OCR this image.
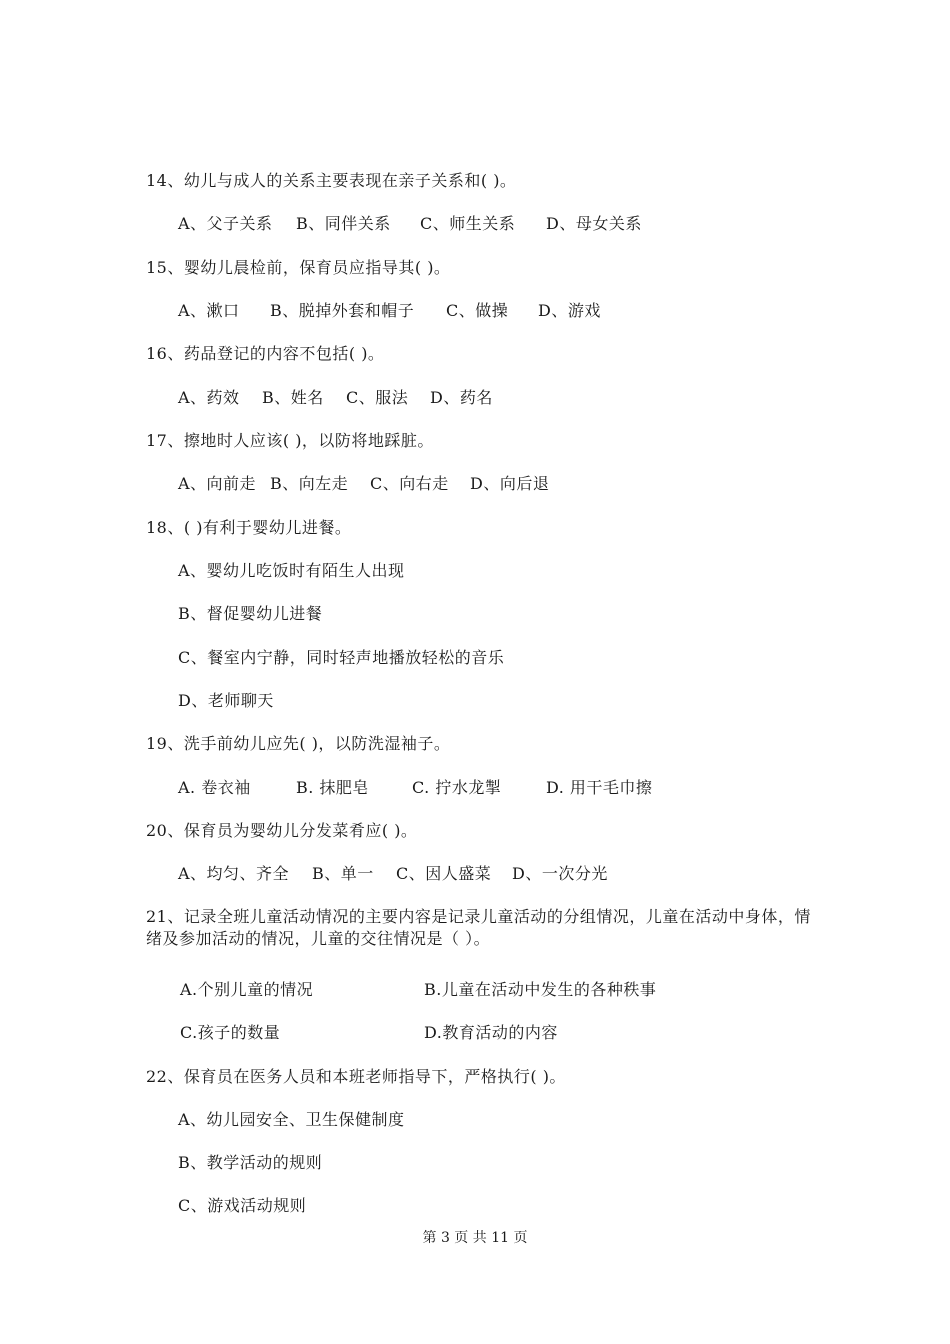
14、幼儿与成人的关系主要表现在亲子关系和( )。
A、父子关系 B、同伴关系 C、师生关系 D、母女关系
15、婴幼儿晨检前，保育员应指导其( )。
A、漱口 B、脱掉外套和帽子 C、做操 D、游戏
16、药品登记的内容不包括( )。
A、药效 B、姓名 C、服法 D、药名
17、擦地时人应该( )，以防将地踩脏。
A、向前走 B、向左走 C、向右走 D、向后退
18、( )有利于婴幼儿进餐。
A、婴幼儿吃饭时有陌生人出现
B、督促婴幼儿进餐
C、餐室内宁静，同时轻声地播放轻松的音乐
D、老师聊天
19、洗手前幼儿应先( )，以防洗湿袖子。
A. 卷衣袖	B. 抹肥皂	C. 拧水龙掣	D. 用干毛巾擦
20、保育员为婴幼儿分发菜肴应( )。
A、均匀、齐全 B、单一 C、因人盛菜 D、一次分光
21、记录全班儿童活动情况的主要内容是记录儿童活动的分组情况，儿童在活动中身体，情绪及参加活动的情况，儿童的交往情况是（ ）。
A.个别儿童的情况	B.儿童在活动中发生的各种秩事
C.孩子的数量	D.教育活动的内容
22、保育员在医务人员和本班老师指导下，严格执行( )。
A、幼儿园安全、卫生保健制度
B、教学活动的规则
C、游戏活动规则
第 3 页 共 11 页
